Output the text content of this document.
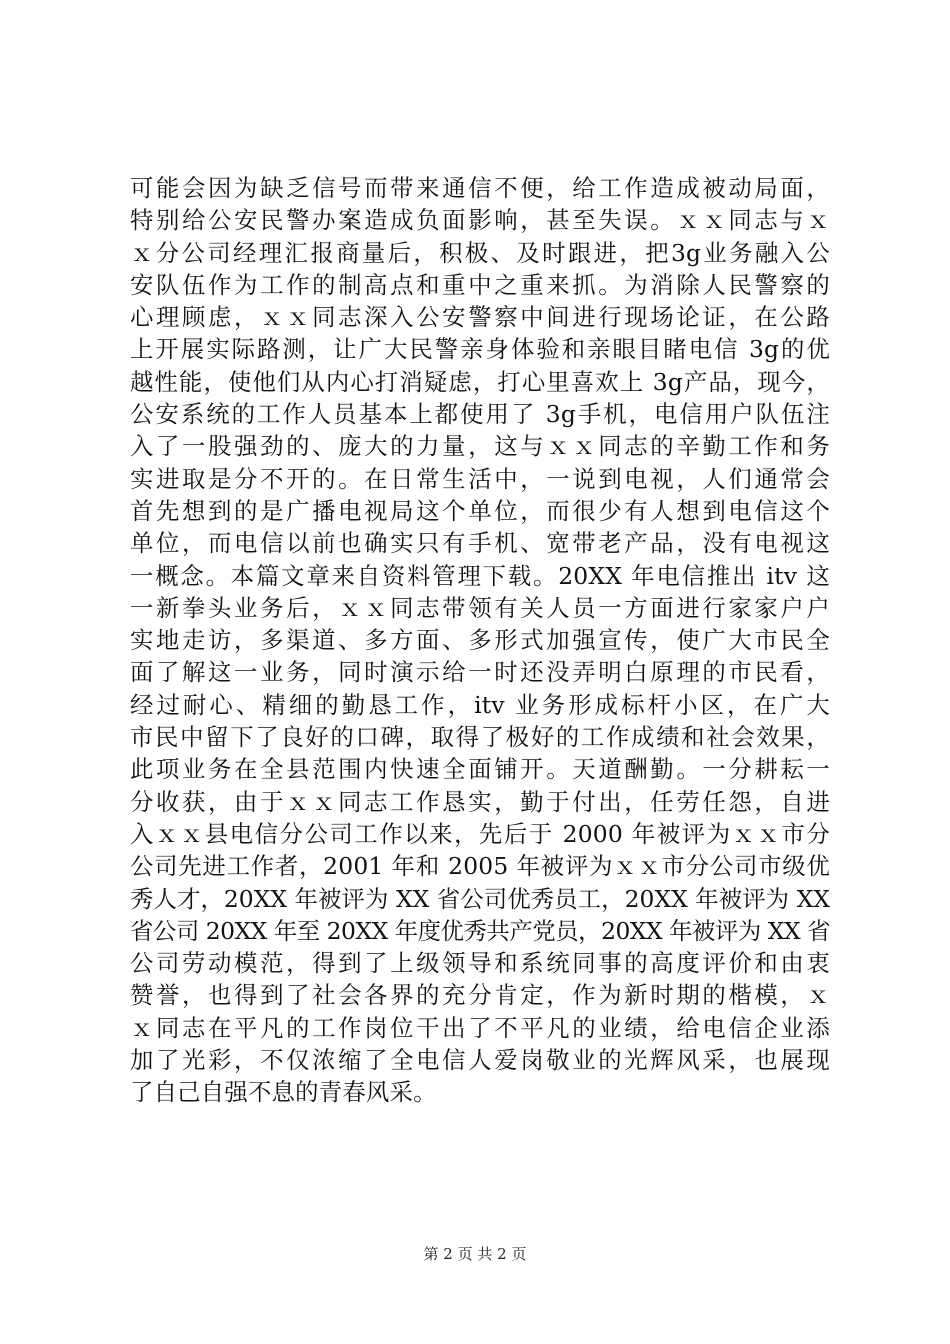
可能会因为缺乏信号而带来通信不便，给工作造成被动局面，
特别给公安民警办案造成负面影响，甚至失误。ｘｘ同志与ｘ
ｘ分公司经理汇报商量后，积极、及时跟进，把3g业务融入公
安队伍作为工作的制高点和重中之重来抓。为消除人民警察的
心理顾虑，ｘｘ同志深入公安警察中间进行现场论证，在公路
上开展实际路测，让广大民警亲身体验和亲眼目睹电信 3g的优
越性能，使他们从内心打消疑虑，打心里喜欢上 3g产品，现今，
公安系统的工作人员基本上都使用了 3g手机，电信用户队伍注
入了一股强劲的、庞大的力量，这与ｘｘ同志的辛勤工作和务
实进取是分不开的。在日常生活中，一说到电视，人们通常会
首先想到的是广播电视局这个单位，而很少有人想到电信这个
单位，而电信以前也确实只有手机、宽带老产品，没有电视这
一概念。本篇文章来自资料管理下载。20XX 年电信推出 itv 这
一新拳头业务后，ｘｘ同志带领有关人员一方面进行家家户户
实地走访，多渠道、多方面、多形式加强宣传，使广大市民全
面了解这一业务，同时演示给一时还没弄明白原理的市民看，
经过耐心、精细的勤恳工作，itv 业务形成标杆小区，在广大
市民中留下了良好的口碑，取得了极好的工作成绩和社会效果，
此项业务在全县范围内快速全面铺开。天道酬勤。一分耕耘一
分收获，由于ｘｘ同志工作恳实，勤于付出，任劳任怨，自进
入ｘｘ县电信分公司工作以来，先后于 2000 年被评为ｘｘ市分
公司先进工作者，2001 年和 2005 年被评为ｘｘ市分公司市级优
秀人才，20XX 年被评为 XX 省公司优秀员工，20XX 年被评为 XX
省公司 20XX 年至 20XX 年度优秀共产党员，20XX 年被评为 XX 省
公司劳动模范，得到了上级领导和系统同事的高度评价和由衷
赞誉，也得到了社会各界的充分肯定，作为新时期的楷模，ｘ
ｘ同志在平凡的工作岗位干出了不平凡的业绩，给电信企业添
加了光彩，不仅浓缩了全电信人爱岗敬业的光辉风采，也展现
了自己自强不息的青春风采。
第 2 页 共 2 页
